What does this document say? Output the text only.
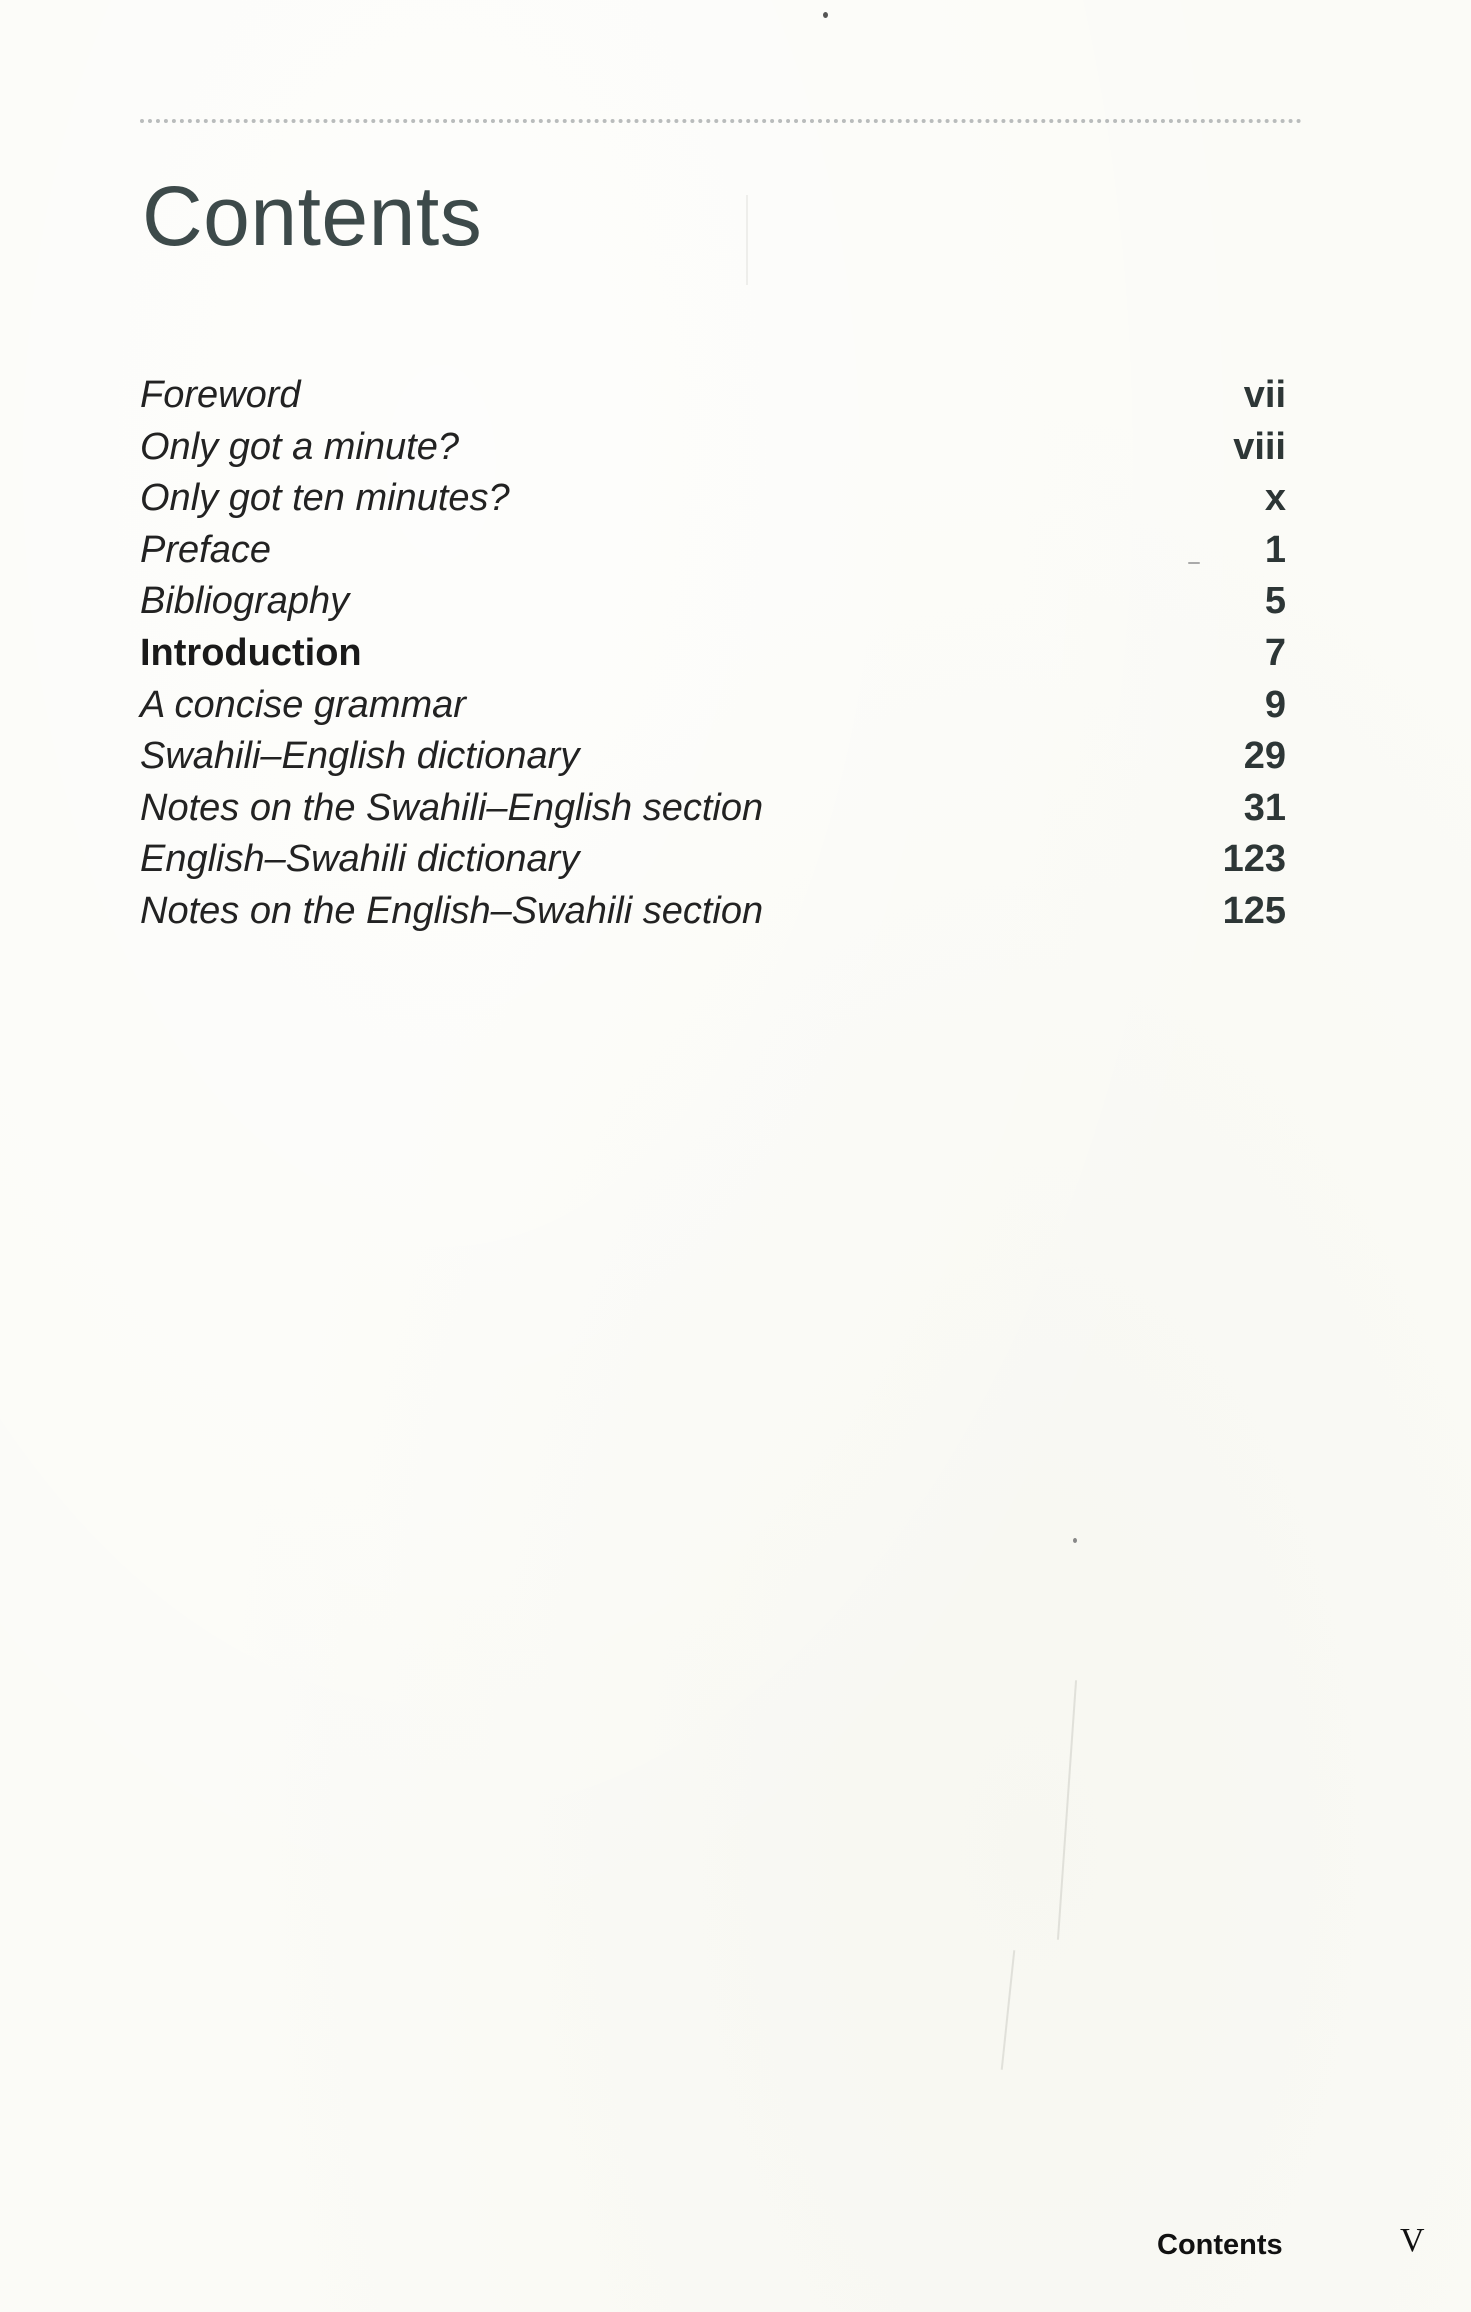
Contents
Foreword	vii
Only got a minute?	viii
Only got ten minutes?	x
Preface	1
Bibliography	5
Introduction	7
A concise grammar	9
Swahili–English dictionary	29
Notes on the Swahili–English section	31
English–Swahili dictionary	123
Notes on the English–Swahili section	125
Contents	V
